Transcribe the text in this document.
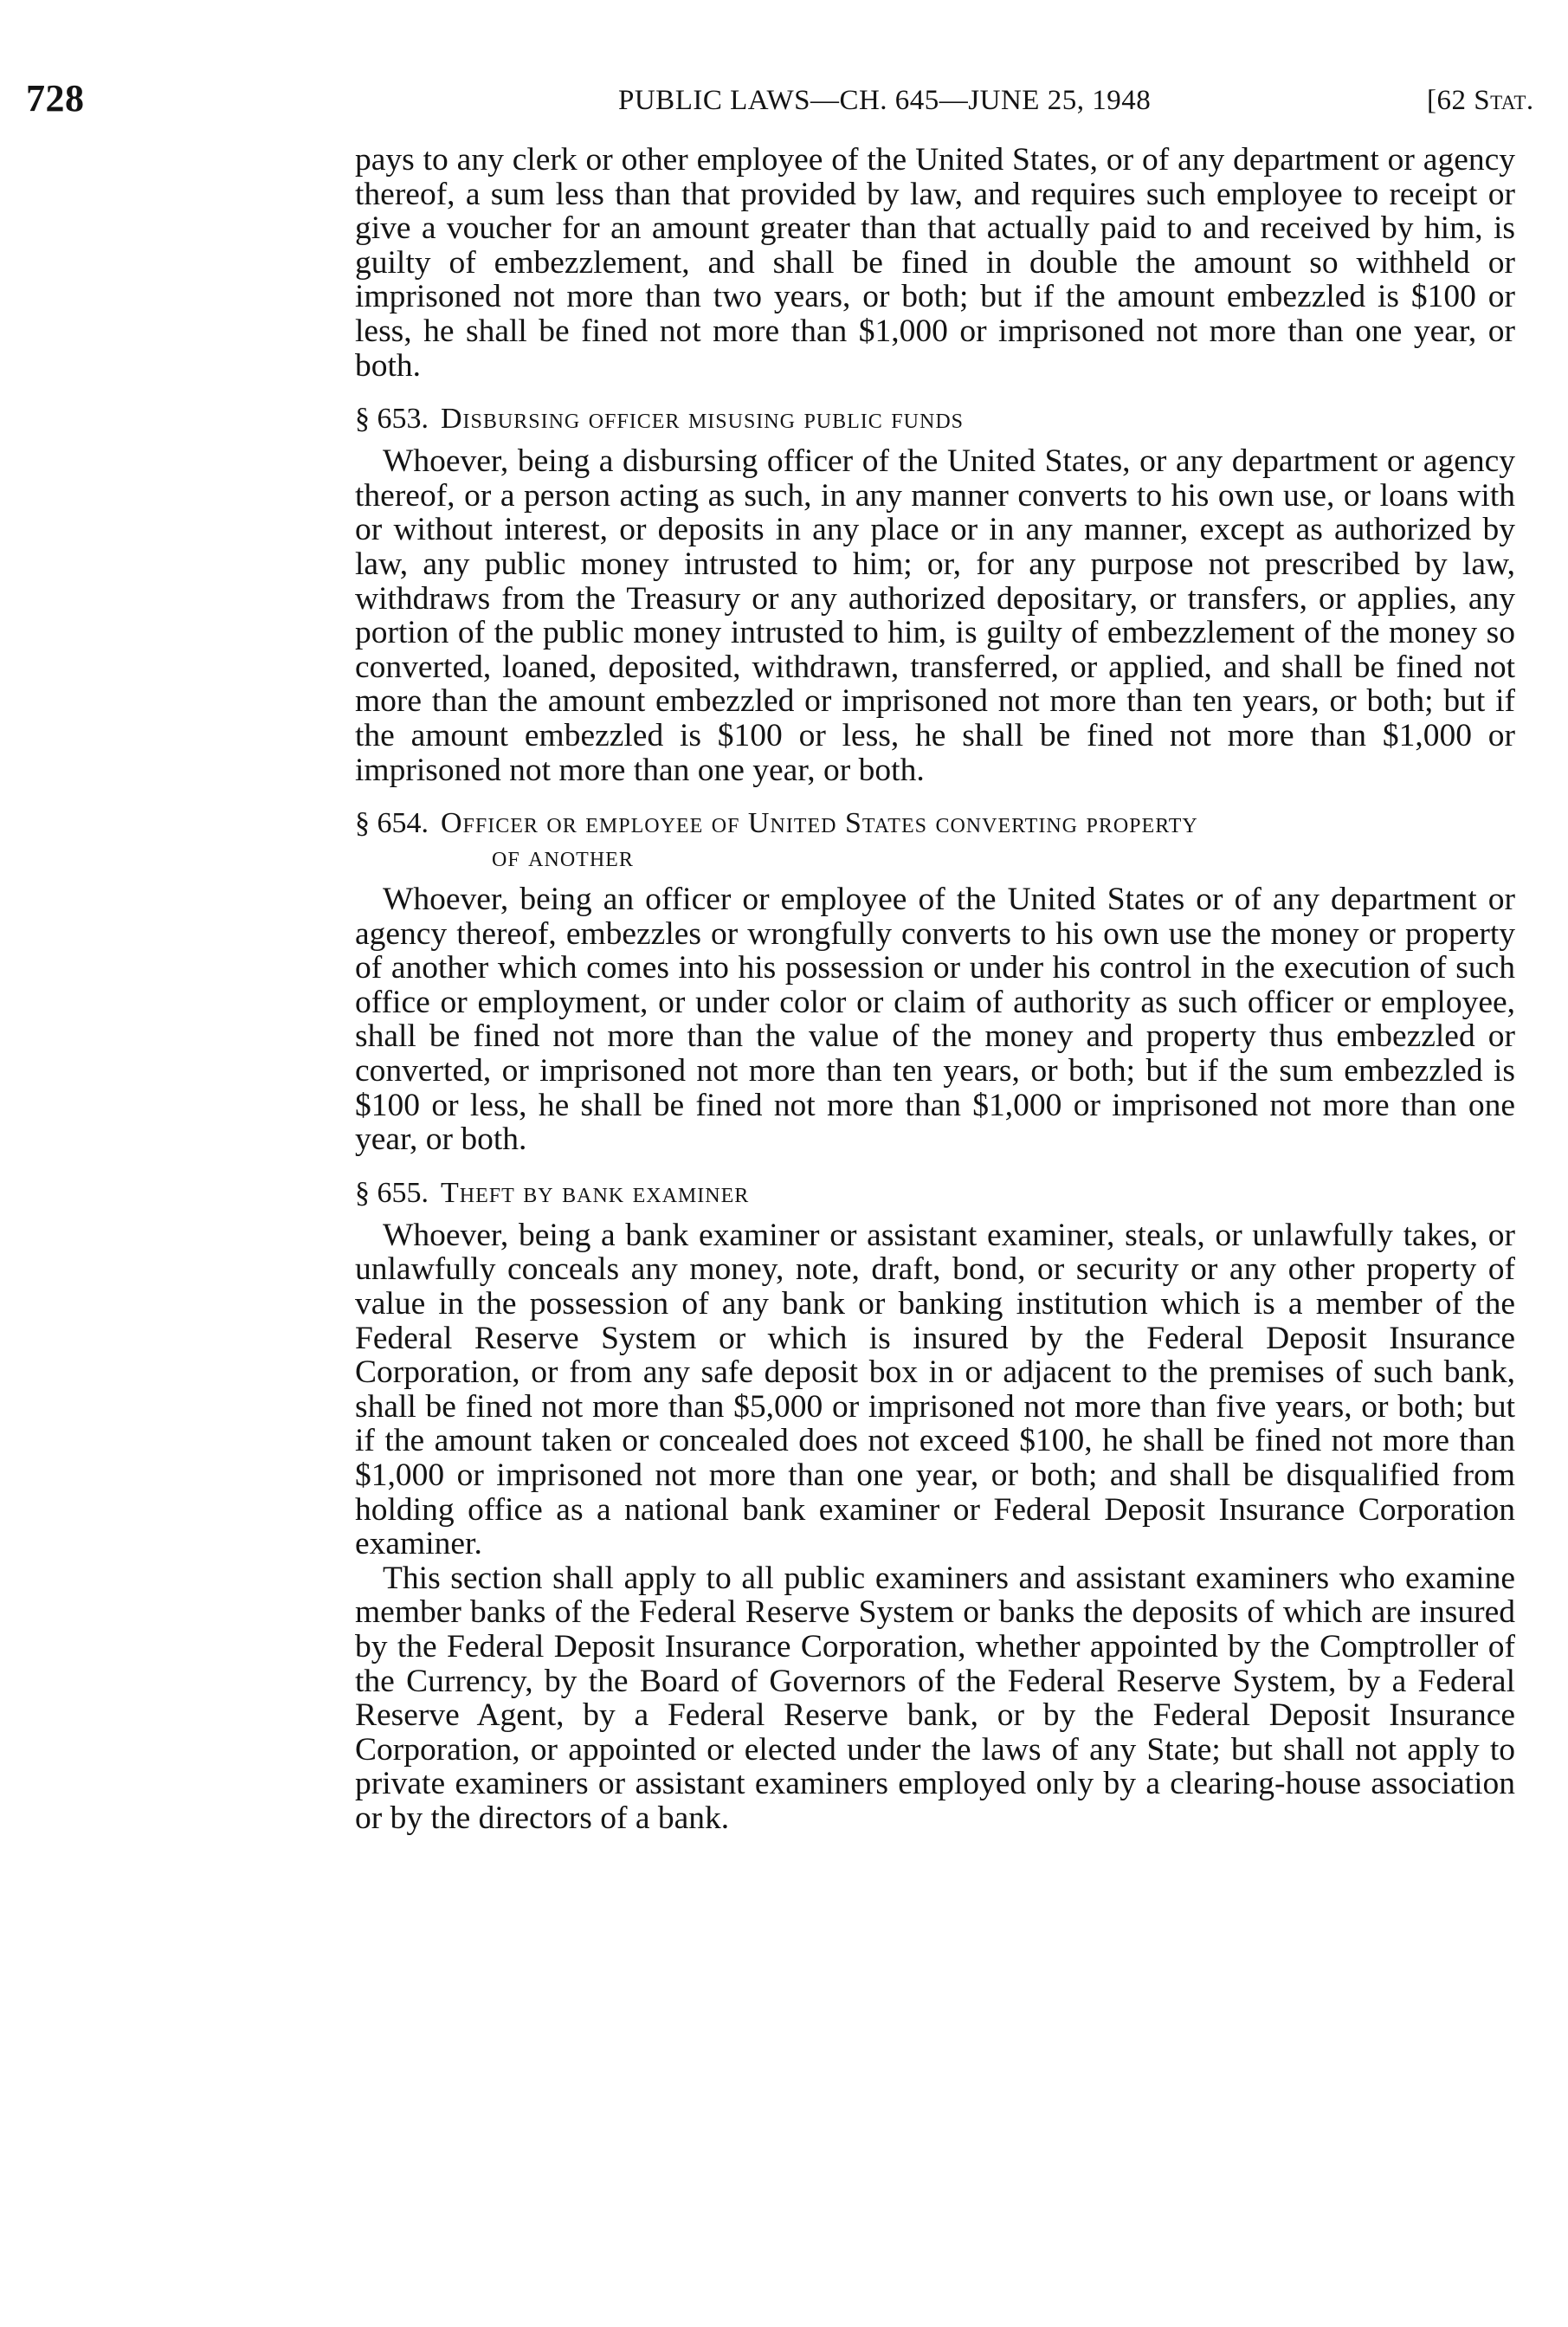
728	PUBLIC LAWS—CH. 645—JUNE 25, 1948	[62 Stat.

pays to any clerk or other employee of the United States, or of any department or agency thereof, a sum less than that provided by law, and requires such employee to receipt or give a voucher for an amount greater than that actually paid to and received by him, is guilty of embezzlement, and shall be fined in double the amount so withheld or imprisoned not more than two years, or both; but if the amount embezzled is $100 or less, he shall be fined not more than $1,000 or imprisoned not more than one year, or both.

§ 653. Disbursing officer misusing public funds

Whoever, being a disbursing officer of the United States, or any department or agency thereof, or a person acting as such, in any manner converts to his own use, or loans with or without interest, or deposits in any place or in any manner, except as authorized by law, any public money intrusted to him; or, for any purpose not prescribed by law, withdraws from the Treasury or any authorized depositary, or transfers, or applies, any portion of the public money intrusted to him, is guilty of embezzlement of the money so converted, loaned, deposited, withdrawn, transferred, or applied, and shall be fined not more than the amount embezzled or imprisoned not more than ten years, or both; but if the amount embezzled is $100 or less, he shall be fined not more than $1,000 or imprisoned not more than one year, or both.

§ 654. Officer or employee of United States converting property
of another

Whoever, being an officer or employee of the United States or of any department or agency thereof, embezzles or wrongfully converts to his own use the money or property of another which comes into his possession or under his control in the execution of such office or employment, or under color or claim of authority as such officer or employee, shall be fined not more than the value of the money and property thus embezzled or converted, or imprisoned not more than ten years, or both; but if the sum embezzled is $100 or less, he shall be fined not more than $1,000 or imprisoned not more than one year, or both.

§ 655. Theft by bank examiner

Whoever, being a bank examiner or assistant examiner, steals, or unlawfully takes, or unlawfully conceals any money, note, draft, bond, or security or any other property of value in the possession of any bank or banking institution which is a member of the Federal Reserve System or which is insured by the Federal Deposit Insurance Corporation, or from any safe deposit box in or adjacent to the premises of such bank, shall be fined not more than $5,000 or imprisoned not more than five years, or both; but if the amount taken or concealed does not exceed $100, he shall be fined not more than $1,000 or imprisoned not more than one year, or both; and shall be disqualified from holding office as a national bank examiner or Federal Deposit Insurance Corporation examiner.

This section shall apply to all public examiners and assistant examiners who examine member banks of the Federal Reserve System or banks the deposits of which are insured by the Federal Deposit Insurance Corporation, whether appointed by the Comptroller of the Currency, by the Board of Governors of the Federal Reserve System, by a Federal Reserve Agent, by a Federal Reserve bank, or by the Federal Deposit Insurance Corporation, or appointed or elected under the laws of any State; but shall not apply to private examiners or assistant examiners employed only by a clearing-house association or by the directors of a bank.
